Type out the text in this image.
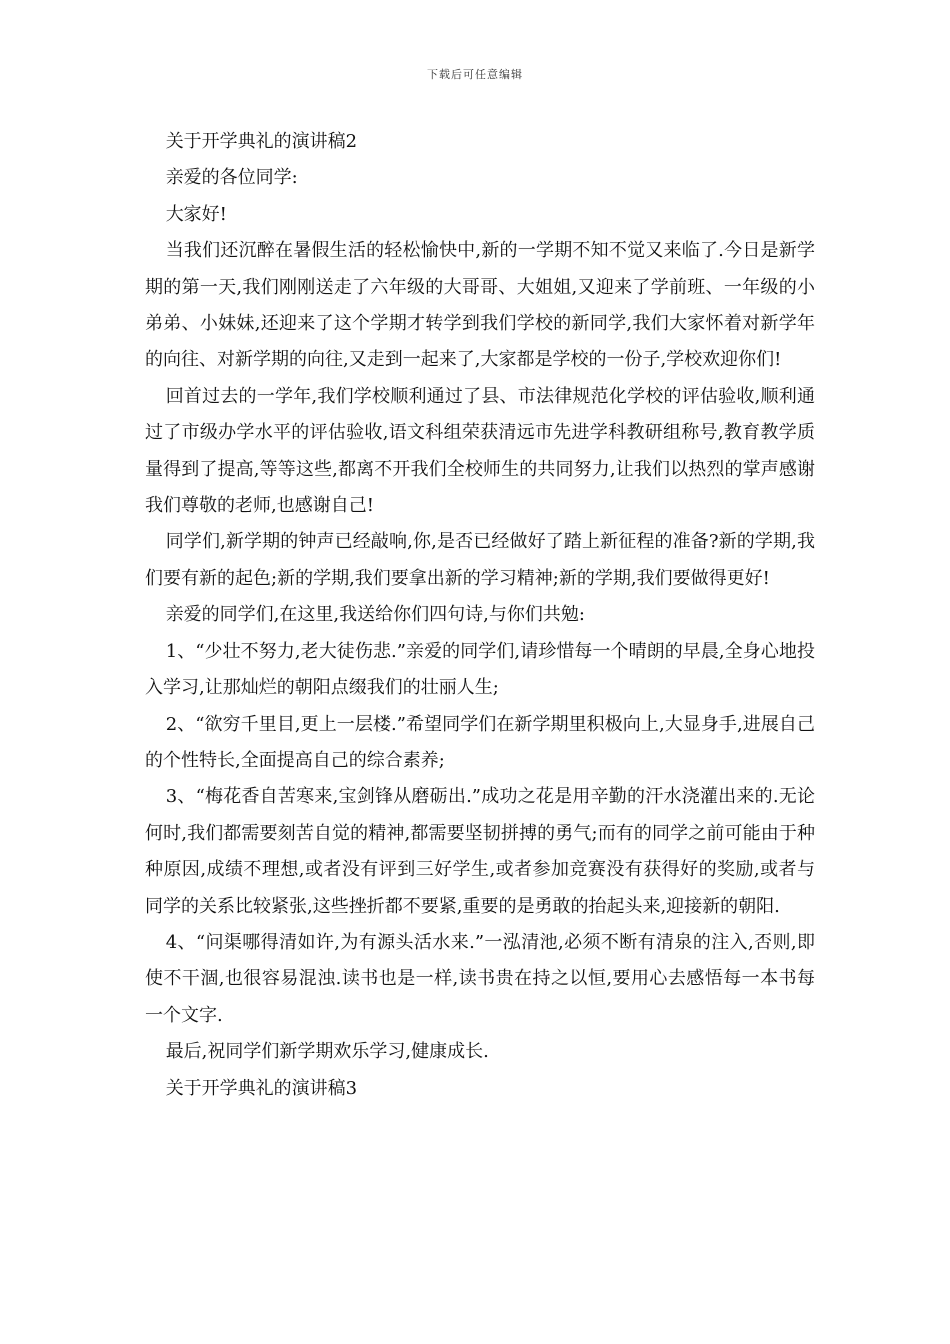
下载后可任意编辑

关于开学典礼的演讲稿2

亲爱的各位同学:

大家好!

当我们还沉醉在暑假生活的轻松愉快中,新的一学期不知不觉又来临了.今日是新学期的第一天,我们刚刚送走了六年级的大哥哥、大姐姐,又迎来了学前班、一年级的小弟弟、小妹妹,还迎来了这个学期才转学到我们学校的新同学,我们大家怀着对新学年的向往、对新学期的向往,又走到一起来了,大家都是学校的一份子,学校欢迎你们!

回首过去的一学年,我们学校顺利通过了县、市法律规范化学校的评估验收,顺利通过了市级办学水平的评估验收,语文科组荣获清远市先进学科教研组称号,教育教学质量得到了提高,等等这些,都离不开我们全校师生的共同努力,让我们以热烈的掌声感谢我们尊敬的老师,也感谢自己!

同学们,新学期的钟声已经敲响,你,是否已经做好了踏上新征程的准备?新的学期,我们要有新的起色;新的学期,我们要拿出新的学习精神;新的学期,我们要做得更好!

亲爱的同学们,在这里,我送给你们四句诗,与你们共勉:

1、“少壮不努力,老大徒伤悲.”亲爱的同学们,请珍惜每一个晴朗的早晨,全身心地投入学习,让那灿烂的朝阳点缀我们的壮丽人生;

2、“欲穷千里目,更上一层楼.”希望同学们在新学期里积极向上,大显身手,进展自己的个性特长,全面提高自己的综合素养;

3、“梅花香自苦寒来,宝剑锋从磨砺出.”成功之花是用辛勤的汗水浇灌出来的.无论何时,我们都需要刻苦自觉的精神,都需要坚韧拼搏的勇气;而有的同学之前可能由于种种原因,成绩不理想,或者没有评到三好学生,或者参加竞赛没有获得好的奖励,或者与同学的关系比较紧张,这些挫折都不要紧,重要的是勇敢的抬起头来,迎接新的朝阳.

4、“问渠哪得清如许,为有源头活水来.”一泓清池,必须不断有清泉的注入,否则,即使不干涸,也很容易混浊.读书也是一样,读书贵在持之以恒,要用心去感悟每一本书每一个文字.

最后,祝同学们新学期欢乐学习,健康成长.

关于开学典礼的演讲稿3
